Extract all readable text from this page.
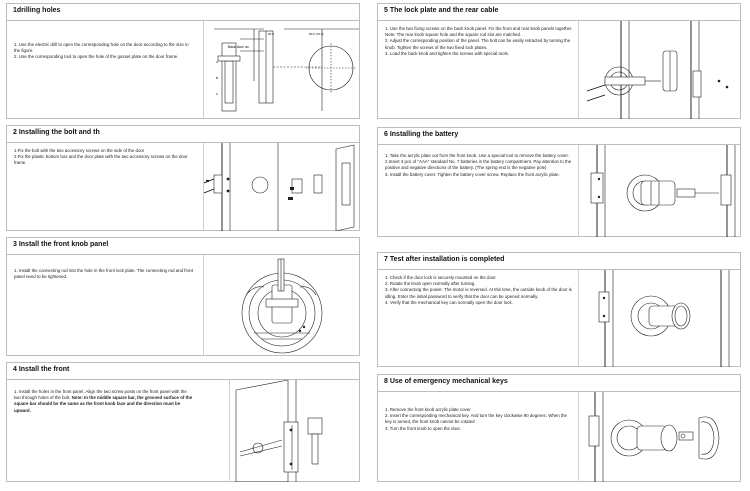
1drilling holes
1. Use the electric drill to open the corresponding hole on the door according to the size in the figure.
2. Use the corresponding tool to open the hole of the gusset plate on the door frame.
Back door no.
60.0	60.0 (70.0)
A
B
C
2 Installing the bolt and th
1.Fix the bolt with the two accessory screws on the side of the door
2.Fix the plastic bottom box and the door plate with the two accessory screws on the door frame.
3 Install the front knob panel
1. Install the connecting rod into the hole in the front lock plate. The connecting rod and front panel need to be tightened.
4 Install the front
1. Install the holes in the front panel. Align the two screw posts on the front panel with the two through holes of the bolt. Note: In the middle square bar, the grooved surface of the square bar should be the same as the front knob face and the direction must be upward.
5 The lock plate and the rear cable
1. Use the two fixing screws on the back knob panel. Fix the front and rear knob panels together. Note: The rear knob square hole and the square rod slot are matched.
2. Adjust the corresponding position of the panel. The bolt can be easily retracted by turning the knob. Tighten the screws of the two fixed lock plates.
3. Load the back knob and tighten the screws with special tools.
6 Installing the battery
1. Take the acrylic plate out from the front knob. Use a special tool to remove the battery cover.
2.Insert 3 pcs of "AAA" standard No. 7 batteries in the battery compartment. Pay attention to the positive and negative directions of the battery. (The spring end is the negative pole)
3. Install the battery cover. Tighten the battery cover screw. Replace the front acrylic plate.
7 Test after installation is completed
1. Check if the door lock is securely mounted on the door
2. Rotate the knob open normally after turning.
3. After connecting the power. The motor is reversed. At this time, the outside knob of the door is idling. Enter the initial password to verify that the door can be opened normally.
4. Verify that the mechanical key can normally open the door lock.
8 Use of emergency mechanical keys
1. Remove the front knob acrylic plate cover
2. Insert the corresponding mechanical key. And turn the key clockwise 90 degrees. When the key is turned, the front knob cannot be rotated
3. Turn the front knob to open the door.
